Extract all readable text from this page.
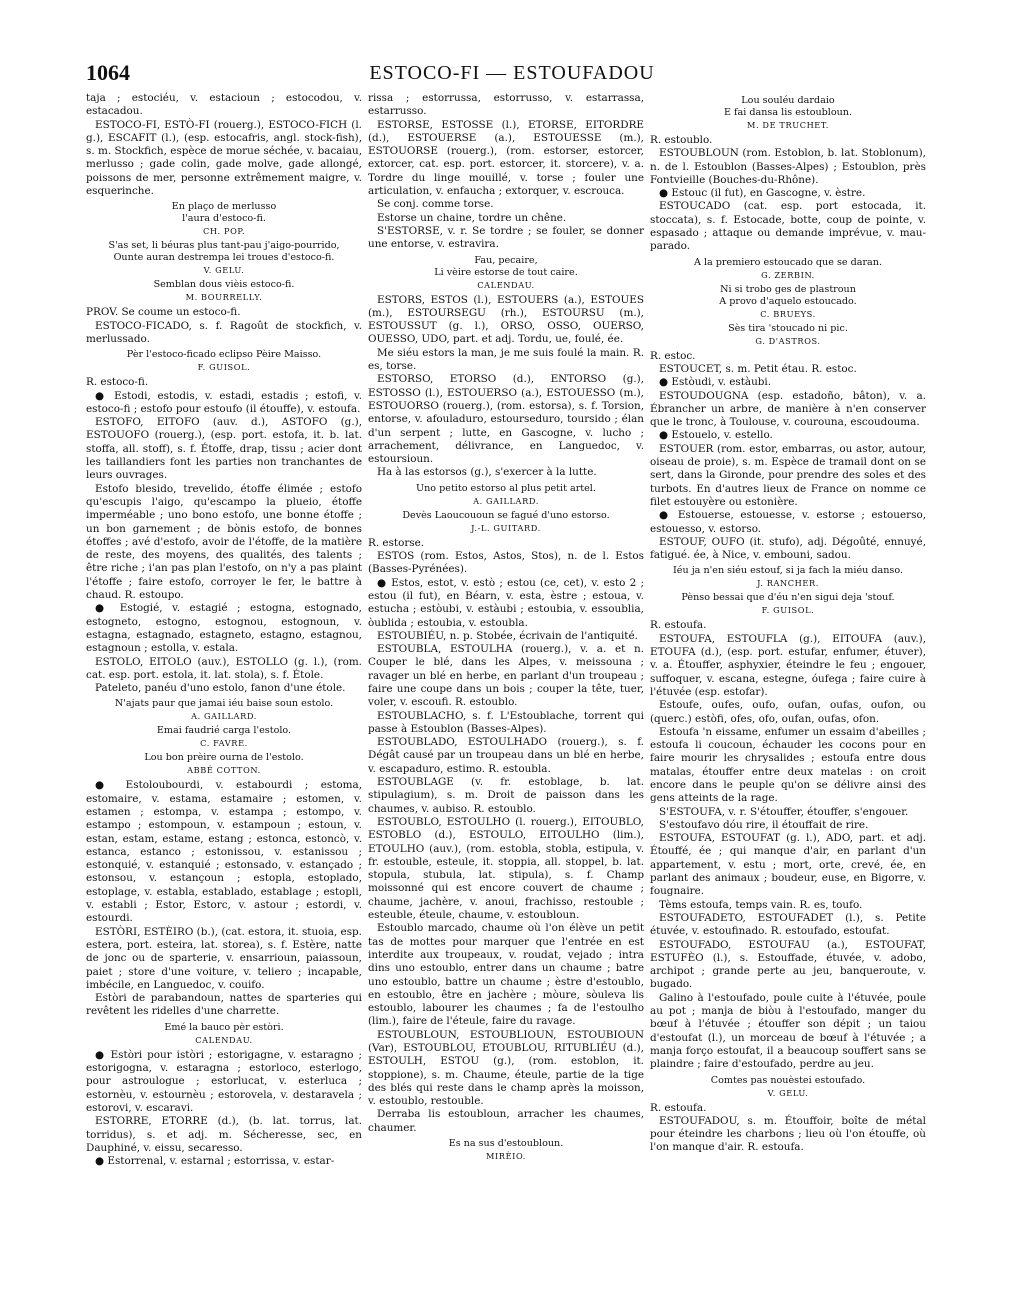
1064	ESTOCO-FI — ESTOUFADOU

taja ; estociéu, v. estacioun ; estocodou, v. estacadou.

ESTOCO-FI, ESTÒ-FI (rouerg.), ESTOCO-FICH (l. g.), ESCAFIT (l.), (esp. estocafris, angl. stock-fish), s. m. Stockfich, espèce de morue séchée, v. bacaiau, merlusso ; gade colin, gade molve, gade allongé, poissons de mer, personne extrêmement maigre, v. esquerinche.

En plaço de merlusso
l'aura d'estoco-fi.
CH. POP.
S'as set, li béuras plus tant-pau j'aigo-pourrido,
Ounte auran destrempa lei troues d'estoco-fi.
V. GELU.
Semblan dous vièis estoco-fi.
M. BOURRELLY.

PROV. Se coume un estoco-fi.

ESTOCO-FICADO, s. f. Ragoût de stockfich, v. merlussado.

Pèr l'estoco-ficado eclipso Pèire Maisso.
F. GUISOL.

R. estoco-fi.

● Estodi, estodis, v. estadi, estadis ; estofi, v. estoco-fi ; estofo pour estoufo (il étouffe), v. estoufa.

ESTOFO, EITOFO (auv. d.), ASTOFO (g.), ESTOUOFO (rouerg.), (esp. port. estofa, it. b. lat. stoffa, all. stoff), s. f. Étoffe, drap, tissu ; acier dont les taillandiers font les parties non tranchantes de leurs ouvrages.

Estofo blesido, trevelido, étoffe élimée ; estofo qu'escupis l'aigo, qu'escampo la plueio, étoffe imperméable ; uno bono estofo, une bonne étoffe ; un bon garnement ; de bònis estofo, de bonnes étoffes ; avé d'estofo, avoir de l'étoffe, de la matière de reste, des moyens, des qualités, des talents ; être riche ; i'an pas plan l'estofo, on n'y a pas plaint l'étoffe ; faire estofo, corroyer le fer, le battre à chaud. R. estoupo.

● Estogié, v. estagié ; estogna, estognado, estogneto, estogno, estognou, estognoun, v. estagna, estagnado, estagneto, estagno, estagnou, estagnoun ; estolla, v. estala.

ESTOLO, EITOLO (auv.), ESTOLLO (g. l.), (rom. cat. esp. port. estola, it. lat. stola), s. f. Étole.

Pateleto, panéu d'uno estolo, fanon d'une étole.

N'ajats paur que jamai iéu baise soun estolo.
A. GAILLARD.
Emai faudrié carga l'estolo.
C. FAVRE.
Lou bon prèire ourna de l'estolo.
ABBÉ COTTON.

● Estoloubourdi, v. estabourdi ; estoma, estomaire, v. estama, estamaire ; estomen, v. estamen ; estompa, v. estampa ; estompo, v. estampo ; estompoun, v. estampoun ; estoun, v. estan, estam, estame, estang ; estonca, estoncò, v. estanca, estanco ; estonissou, v. estanissou ; estonquié, v. estanquié ; estonsado, v. estançado ; estonsou, v. estançoun ; estopla, estoplado, estoplage, v. establa, establado, establage ; estopli, v. establi ; Estor, Estorc, v. astour ; estordi, v. estourdi.

ESTÒRI, ESTÈIRO (b.), (cat. estora, it. stuoia, esp. estera, port. esteira, lat. storea), s. f. Estère, natte de jonc ou de sparterie, v. ensarrioun, paiassoun, paiet ; store d'une voiture, v. teliero ; incapable, imbécile, en Languedoc, v. couifo.

Estòri de parabandoun, nattes de sparteries qui revêtent les ridelles d'une charrette.

Emé la bauco pèr estòri.
CALENDAU.

● Estòri pour istòri ; estorigagne, v. estaragno ; estorigogna, v. estaragna ; estorloco, esterlogo, pour astroulogue ; estorlucat, v. esterluca ; estornèu, v. estournèu ; estorovela, v. destaravela ; estorovi, v. escaravi.

ESTORRE, ETORRE (d.), (b. lat. torrus, lat. torridus), s. et adj. m. Sécheresse, sec, en Dauphiné, v. eissu, secaresso.

● Estorrenal, v. estarnal ; estorrissa, v. estar-

rissa ; estorrussa, estorrusso, v. estarrassa, estarrusso.

ESTORSE, ESTOSSE (l.), ETORSE, EITORDRE (d.), ESTOUERSE (a.), ESTOUESSE (m.), ESTOUORSE (rouerg.), (rom. estorser, estorcer, extorcer, cat. esp. port. estorcer, it. storcere), v. a. Tordre du linge mouillé, v. torse ; fouler une articulation, v. enfaucha ; extorquer, v. escrouca.

Se conj. comme torse.

Estorse un chaine, tordre un chêne.

S'ESTORSE, v. r. Se tordre ; se fouler, se donner une entorse, v. estravira.

Fau, pecaire,
Li vèire estorse de tout caire.
CALENDAU.

ESTORS, ESTOS (l.), ESTOUERS (a.), ESTOUES (m.), ESTOURSEGU (rh.), ESTOURSU (m.), ESTOUSSUT (g. l.), ORSO, OSSO, OUERSO, OUESSO, UDO, part. et adj. Tordu, ue, foulé, ée.

Me siéu estors la man, je me suis foulé la main. R. es, torse.

ESTORSO, ETORSO (d.), ENTORSO (g.), ESTOSSO (l.), ESTOUERSO (a.), ESTOUESSO (m.), ESTOUORSO (rouerg.), (rom. estorsa), s. f. Torsion, entorse, v. afouladuro, estourseduro, toursido ; élan d'un serpent ; lutte, en Gascogne, v. lucho ; arrachement, délivrance, en Languedoc, v. estoursioun.

Ha à las estorsos (g.), s'exercer à la lutte.

Uno petito estorso al plus petit artel.
A. GAILLARD.
Devès Laoucououn se fagué d'uno estorso.
J.-L. GUITARD.

R. estorse.

ESTOS (rom. Estos, Astos, Stos), n. de l. Estos (Basses-Pyrénées).

● Estos, estot, v. estò ; estou (ce, cet), v. esto 2 ; estou (il fut), en Béarn, v. esta, èstre ; estoua, v. estucha ; estòubi, v. estàubi ; estoubia, v. essoublia, òublida ; estoubia, v. estoubla.

ESTOUBIÉU, n. p. Stobée, écrivain de l'antiquité.

ESTOUBLA, ESTOULHA (rouerg.), v. a. et n. Couper le blé, dans les Alpes, v. meissouna ; ravager un blé en herbe, en parlant d'un troupeau ; faire une coupe dans un bois ; couper la tête, tuer, voler, v. escoufi. R. estoublo.

ESTOUBLACHO, s. f. L'Estoublache, torrent qui passe à Estoublon (Basses-Alpes).

ESTOUBLADO, ESTOULHADO (rouerg.), s. f. Dégât causé par un troupeau dans un blé en herbe, v. escapaduro, estimo. R. estoubla.

ESTOUBLAGE (v. fr. estoblage, b. lat. stipulagium), s. m. Droit de paisson dans les chaumes, v. aubiso. R. estoublo.

ESTOUBLO, ESTOULHO (l. rouerg.), EITOUBLO, ESTOBLO (d.), ESTOULO, EITOULHO (lim.), ETOULHO (auv.), (rom. estobla, stobla, estipula, v. fr. estouble, esteule, it. stoppia, all. stoppel, b. lat. stopula, stubula, lat. stipula), s. f. Champ moissonné qui est encore couvert de chaume ; chaume, jachère, v. anoui, frachisso, restouble ; esteuble, éteule, chaume, v. estoubloun.

Estoublo marcado, chaume où l'on élève un petit tas de mottes pour marquer que l'entrée en est interdite aux troupeaux, v. roudat, vejado ; intra dins uno estoublo, entrer dans un chaume ; batre uno estoublo, battre un chaume ; èstre d'estoublo, en estoublo, être en jachère ; mòure, sòuleva lis estoublo, labourer les chaumes ; fa de l'estoulho (lim.), faire de l'éteule, faire du ravage.

ESTOUBLOUN, ESTOUBLIOUN, ESTOUBIOUN (Var), ESTOUBLOU, ETOUBLOU, RITUBLIÉU (d.), ESTOULH, ESTOU (g.), (rom. estoblon, it. stoppione), s. m. Chaume, éteule, partie de la tige des blés qui reste dans le champ après la moisson, v. estoublo, restouble.

Derraba lis estoubloun, arracher les chaumes, chaumer.

Es na sus d'estoubloun.
MIRÈIO.
Lou souléu dardaio
E fai dansa lis estoubloun.
M. DE TRUCHET.

R. estoublo.

ESTOUBLOUN (rom. Estoblon, b. lat. Stoblonum), n. de l. Estoublon (Basses-Alpes) ; Estoublon, près Fontvieille (Bouches-du-Rhône).

● Estouc (il fut), en Gascogne, v. èstre.

ESTOUCADO (cat. esp. port estocada, it. stoccata), s. f. Estocade, botte, coup de pointe, v. espasado ; attaque ou demande imprévue, v. mau-parado.

A la premiero estoucado que se daran.
G. ZERBIN.
Ni si trobo ges de plastroun
A provo d'aquelo estoucado.
C. BRUEYS.
Sès tira 'stoucado ni pic.
G. D'ASTROS.

R. estoc.

ESTOUCET, s. m. Petit étau. R. estoc.

● Estòudi, v. estàubi.

ESTOUDOUGNA (esp. estadoño, bâton), v. a. Ébrancher un arbre, de manière à n'en conserver que le tronc, à Toulouse, v. courouna, escoudouma.

● Estouelo, v. estello.

ESTOUER (rom. estor, embarras, ou astor, autour, oiseau de proie), s. m. Espèce de tramail dont on se sert, dans la Gironde, pour prendre des soles et des turbots. En d'autres lieux de France on nomme ce filet estouyère ou estonière.

● Estouerse, estouesse, v. estorse ; estouerso, estouesso, v. estorso.

ESTOUF, OUFO (it. stufo), adj. Dégoûté, ennuyé, fatigué. ée, à Nice, v. embouni, sadou.

Iéu ja n'en siéu estouf, si ja fach la miéu danso.
J. RANCHER.
Pènso bessai que d'éu n'en sigui deja 'stouf.
F. GUISOL.

R. estoufa.

ESTOUFA, ESTOUFLA (g.), EITOUFA (auv.), ETOUFA (d.), (esp. port. estufar, enfumer, étuver), v. a. Étouffer, asphyxier, éteindre le feu ; engouer, suffoquer, v. escana, estegne, óufega ; faire cuire à l'étuvée (esp. estofar).

Estoufe, oufes, oufo, oufan, oufas, oufon, ou (querc.) estòfi, ofes, ofo, oufan, oufas, ofon.

Estoufa 'n eissame, enfumer un essaim d'abeilles ; estoufa li coucoun, échauder les cocons pour en faire mourir les chrysalides ; estoufa entre dous matalas, étouffer entre deux matelas : on croit encore dans le peuple qu'on se délivre ainsi des gens atteints de la rage.

S'ESTOUFA, v. r. S'étouffer, étouffer, s'engouer.

S'estoufavo dóu rire, il étouffait de rire.

ESTOUFA, ESTOUFAT (g. l.), ADO, part. et adj. Étouffé, ée ; qui manque d'air, en parlant d'un appartement, v. estu ; mort, orte, crevé, ée, en parlant des animaux ; boudeur, euse, en Bigorre, v. fougnaire.

Tèms estoufa, temps vain. R. es, toufo.

ESTOUFADETO, ESTOUFADET (l.), s. Petite étuvée, v. estoufinado. R. estoufado, estoufat.

ESTOUFADO, ESTOUFAU (a.), ESTOUFAT, ESTUFÈO (l.), s. Estouffade, étuvée, v. adobo, archipot ; grande perte au jeu, banqueroute, v. bugado.

Galino à l'estoufado, poule cuite à l'étuvée, poule au pot ; manja de biòu à l'estoufado, manger du bœuf à l'étuvée ; étouffer son dépit ; un taiou d'estoufat (l.), un morceau de bœuf à l'étuvée ; a manja forço estoufat, il a beaucoup souffert sans se plaindre ; faire d'estoufado, perdre au jeu.

Comtes pas nouèstei estoufado.
V. GELU.

R. estoufa.

ESTOUFADOU, s. m. Étouffoir, boîte de métal pour éteindre les charbons ; lieu où l'on étouffe, où l'on manque d'air. R. estoufa.
